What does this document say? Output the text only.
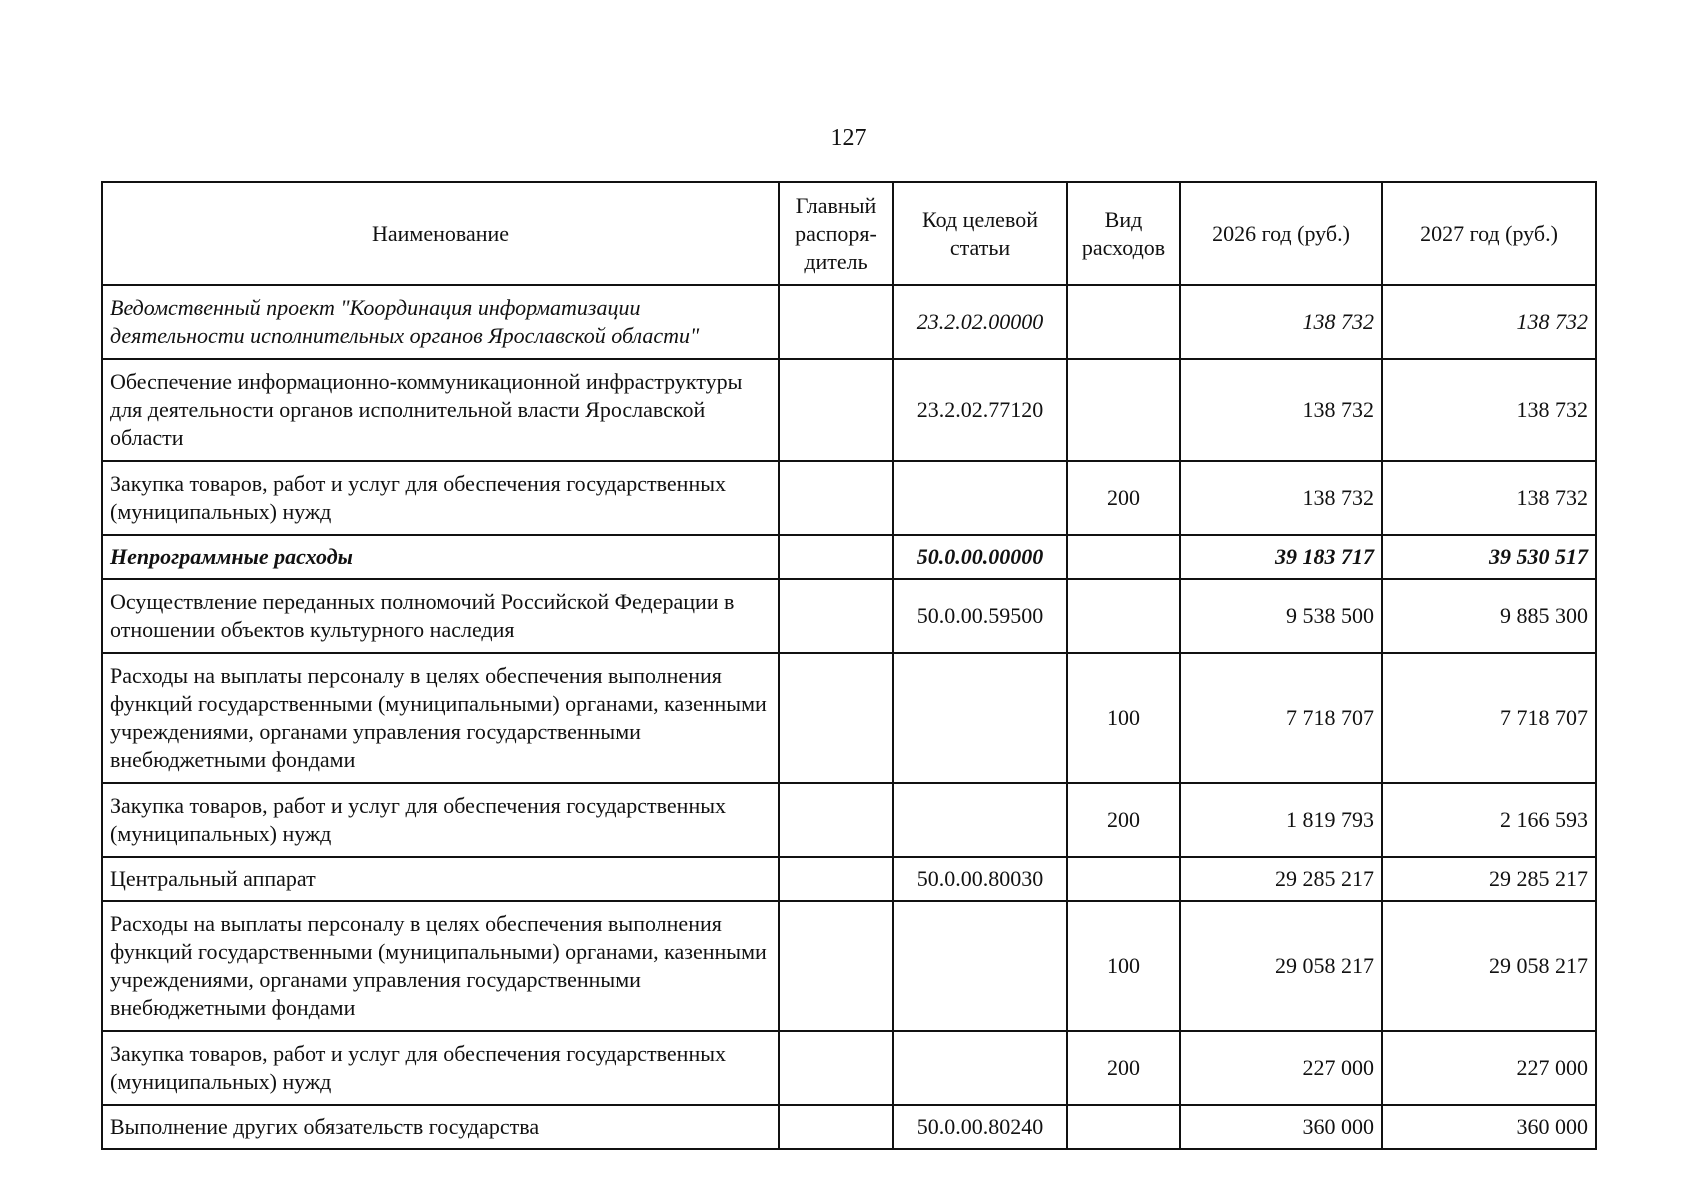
127
Наименование	Главный распоря-дитель	Код целевой статьи	Вид расходов	2026 год (руб.)	2027 год (руб.)
Ведомственный проект "Координация информатизации деятельности исполнительных органов Ярославской области"		23.2.02.00000		138 732	138 732
Обеспечение информационно-коммуникационной инфраструктуры для деятельности органов исполнительной власти Ярославской области		23.2.02.77120		138 732	138 732
Закупка товаров, работ и услуг для обеспечения государственных (муниципальных) нужд			200	138 732	138 732
Непрограммные расходы		50.0.00.00000		39 183 717	39 530 517
Осуществление переданных полномочий Российской Федерации в отношении объектов культурного наследия		50.0.00.59500		9 538 500	9 885 300
Расходы на выплаты персоналу в целях обеспечения выполнения функций государственными (муниципальными) органами, казенными учреждениями, органами управления государственными внебюджетными фондами			100	7 718 707	7 718 707
Закупка товаров, работ и услуг для обеспечения государственных (муниципальных) нужд			200	1 819 793	2 166 593
Центральный аппарат		50.0.00.80030		29 285 217	29 285 217
Расходы на выплаты персоналу в целях обеспечения выполнения функций государственными (муниципальными) органами, казенными учреждениями, органами управления государственными внебюджетными фондами			100	29 058 217	29 058 217
Закупка товаров, работ и услуг для обеспечения государственных (муниципальных) нужд			200	227 000	227 000
Выполнение других обязательств государства		50.0.00.80240		360 000	360 000
